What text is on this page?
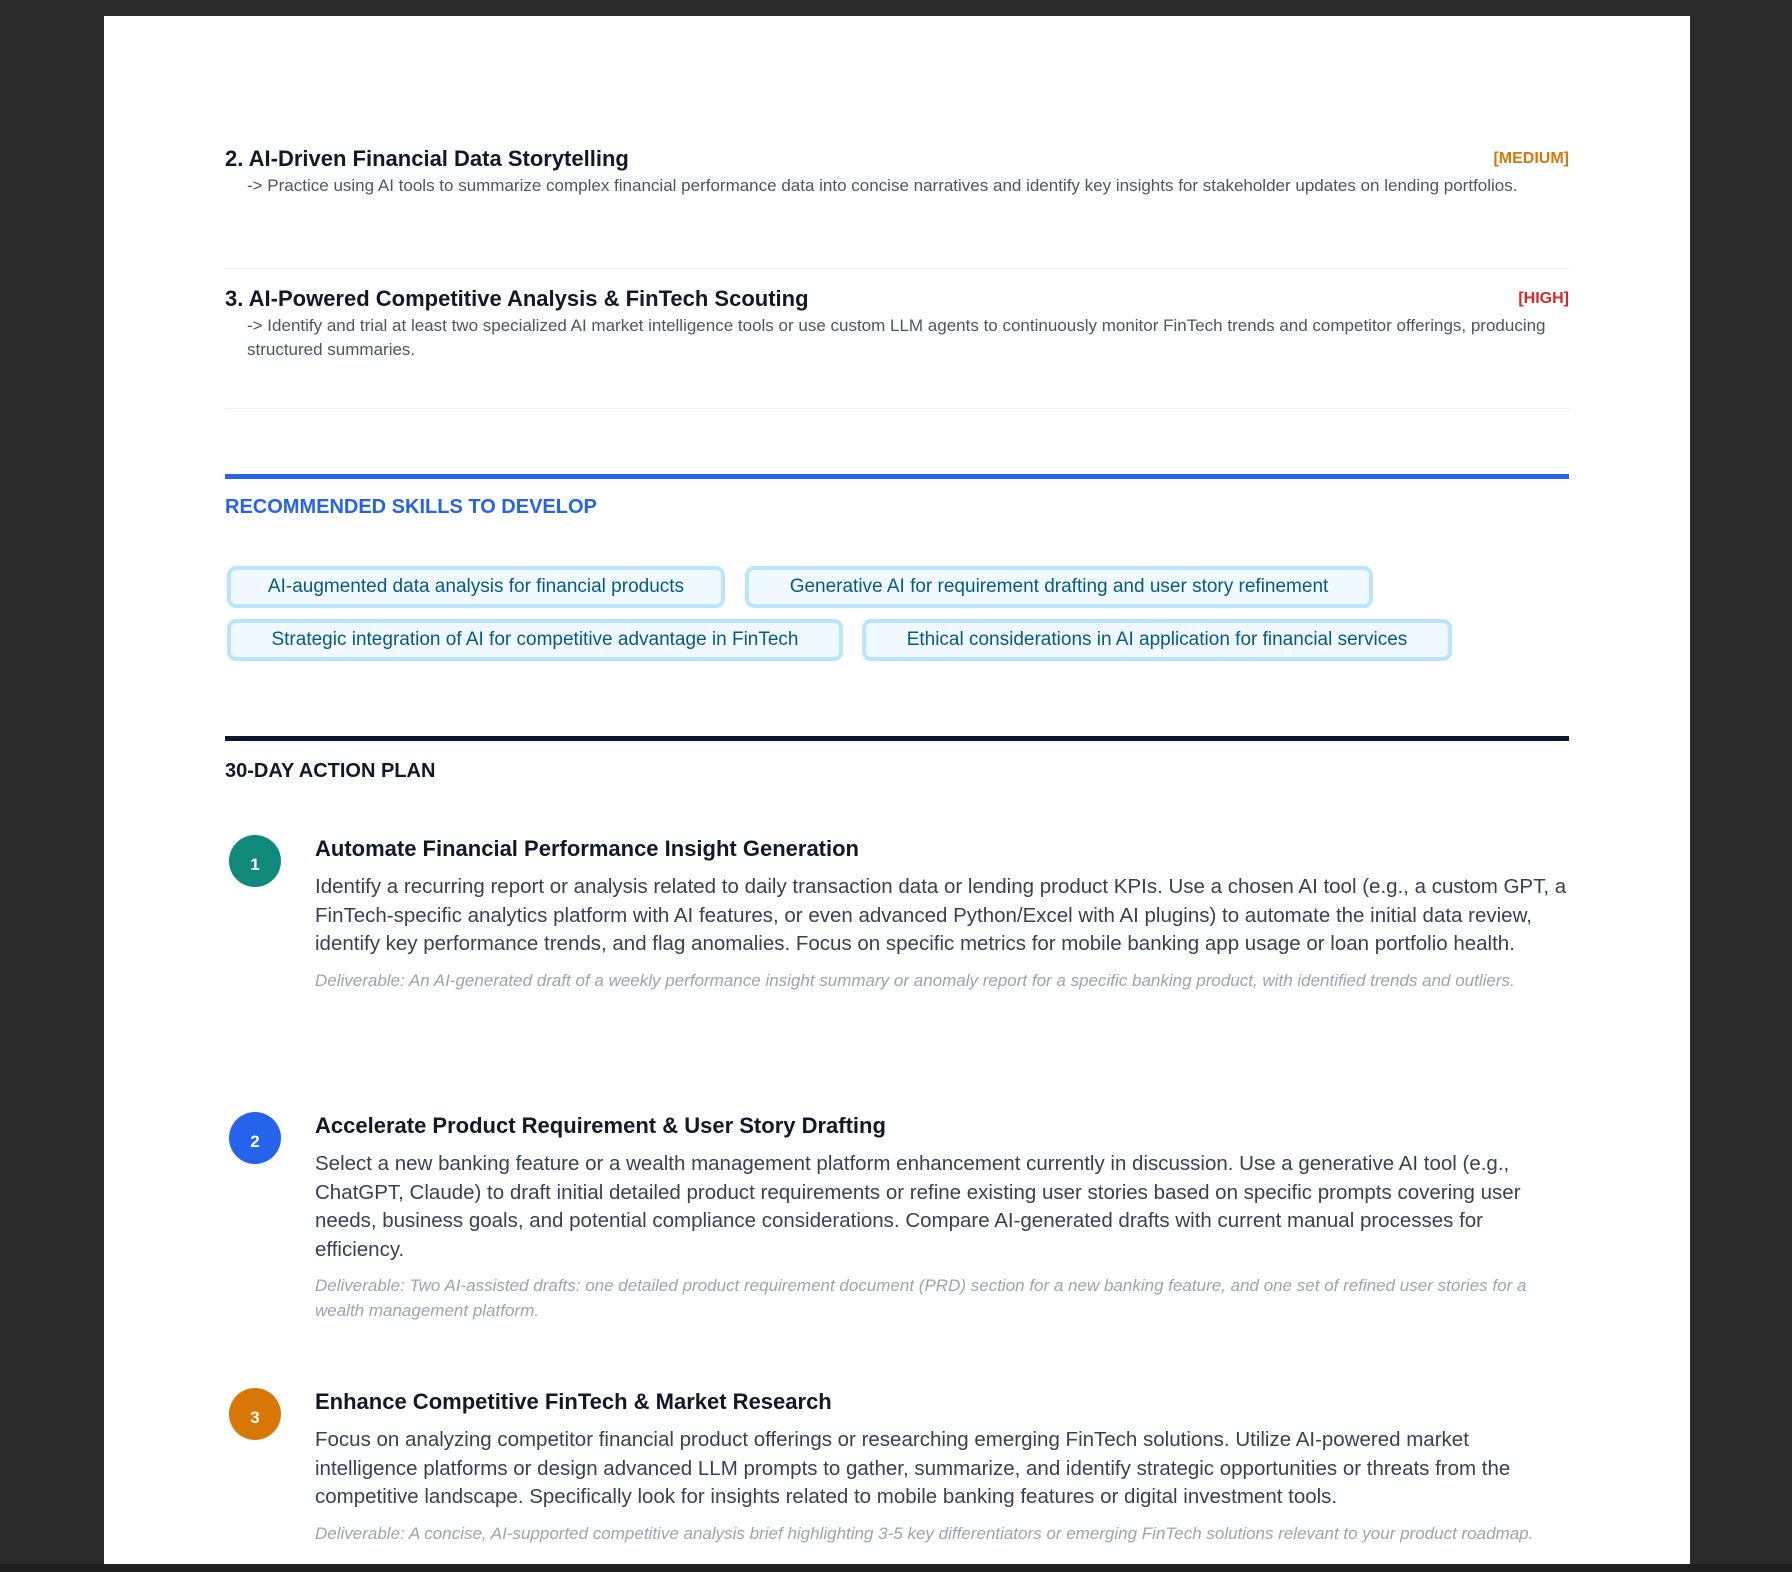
2. AI-Driven Financial Data Storytelling	[MEDIUM]

-> Practice using AI tools to summarize complex financial performance data into concise narratives and identify key insights for stakeholder updates on lending portfolios.

3. AI-Powered Competitive Analysis & FinTech Scouting	[HIGH]

-> Identify and trial at least two specialized AI market intelligence tools or use custom LLM agents to continuously monitor FinTech trends and competitor offerings, producing structured summaries.

RECOMMENDED SKILLS TO DEVELOP
AI-augmented data analysis for financial products	Generative AI for requirement drafting and user story refinement
Strategic integration of AI for competitive advantage in FinTech	Ethical considerations in AI application for financial services
30-DAY ACTION PLAN
1

Automate Financial Performance Insight Generation

Identify a recurring report or analysis related to daily transaction data or lending product KPIs. Use a chosen AI tool (e.g., a custom GPT, a FinTech-specific analytics platform with AI features, or even advanced Python/Excel with AI plugins) to automate the initial data review, identify key performance trends, and flag anomalies. Focus on specific metrics for mobile banking app usage or loan portfolio health.

Deliverable: An AI-generated draft of a weekly performance insight summary or anomaly report for a specific banking product, with identified trends and outliers.

2

Accelerate Product Requirement & User Story Drafting

Select a new banking feature or a wealth management platform enhancement currently in discussion. Use a generative AI tool (e.g., ChatGPT, Claude) to draft initial detailed product requirements or refine existing user stories based on specific prompts covering user needs, business goals, and potential compliance considerations. Compare AI-generated drafts with current manual processes for efficiency.

Deliverable: Two AI-assisted drafts: one detailed product requirement document (PRD) section for a new banking feature, and one set of refined user stories for a wealth management platform.

3

Enhance Competitive FinTech & Market Research

Focus on analyzing competitor financial product offerings or researching emerging FinTech solutions. Utilize AI-powered market intelligence platforms or design advanced LLM prompts to gather, summarize, and identify strategic opportunities or threats from the competitive landscape. Specifically look for insights related to mobile banking features or digital investment tools.

Deliverable: A concise, AI-supported competitive analysis brief highlighting 3-5 key differentiators or emerging FinTech solutions relevant to your product roadmap.
